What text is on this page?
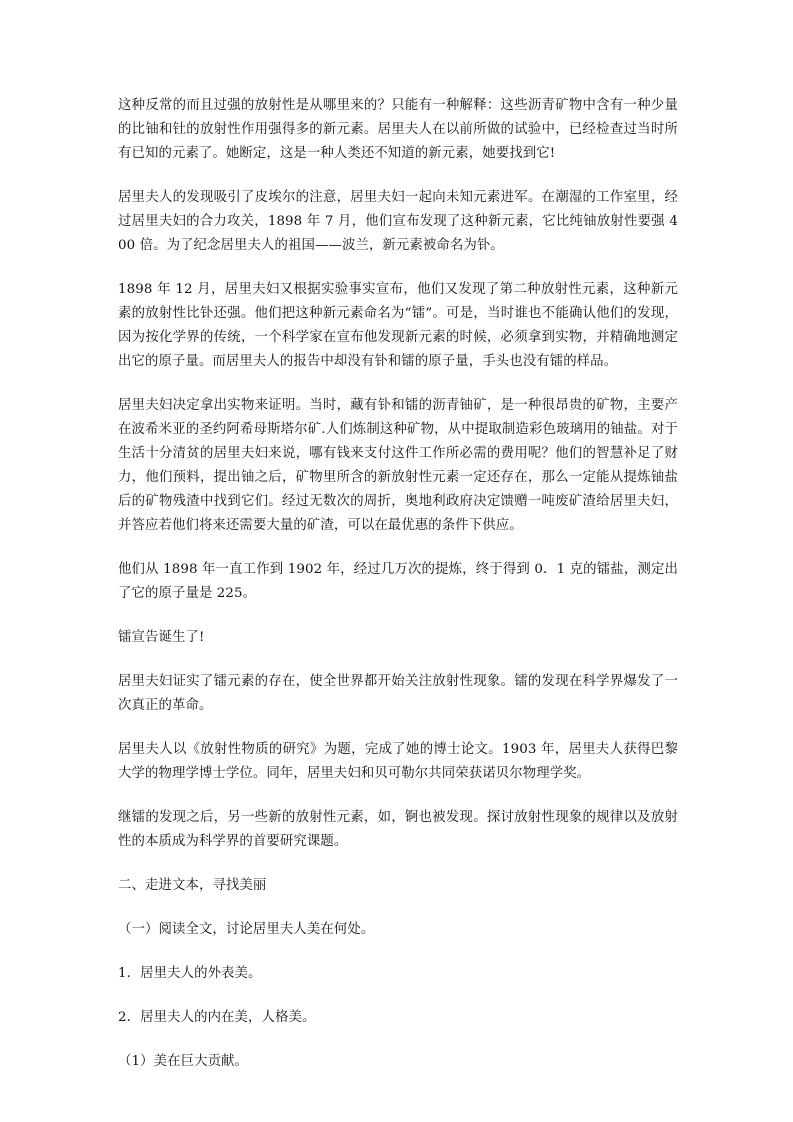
这种反常的而且过强的放射性是从哪里来的？只能有一种解释：这些沥青矿物中含有一种少量的比铀和钍的放射性作用强得多的新元素。居里夫人在以前所做的试验中，已经检查过当时所有已知的元素了。她断定，这是一种人类还不知道的新元素，她要找到它!

居里夫人的发现吸引了皮埃尔的注意，居里夫妇一起向未知元素进军。在潮湿的工作室里，经过居里夫妇的合力攻关，1898 年 7 月，他们宣布发现了这种新元素，它比纯铀放射性要强 400 倍。为了纪念居里夫人的祖国——波兰，新元素被命名为钋。

1898 年 12 月，居里夫妇又根据实验事实宣布，他们又发现了第二种放射性元素，这种新元素的放射性比钋还强。他们把这种新元素命名为“镭”。可是，当时谁也不能确认他们的发现，因为按化学界的传统，一个科学家在宣布他发现新元素的时候，必须拿到实物，并精确地测定出它的原子量。而居里夫人的报告中却没有钋和镭的原子量，手头也没有镭的样品。

居里夫妇决定拿出实物来证明。当时，藏有钋和镭的沥青铀矿，是一种很昂贵的矿物，主要产在波希米亚的圣约阿希母斯塔尔矿.人们炼制这种矿物，从中提取制造彩色玻璃用的铀盐。对于生活十分清贫的居里夫妇来说，哪有钱来支付这件工作所必需的费用呢？他们的智慧补足了财力，他们预料，提出铀之后，矿物里所含的新放射性元素一定还存在，那么一定能从提炼铀盐后的矿物残渣中找到它们。经过无数次的周折，奥地利政府决定馈赠一吨废矿渣给居里夫妇，并答应若他们将来还需要大量的矿渣，可以在最优惠的条件下供应。

他们从 1898 年一直工作到 1902 年，经过几万次的提炼，终于得到 0．1 克的镭盐，测定出了它的原子量是 225。

镭宣告诞生了!

居里夫妇证实了镭元素的存在，使全世界都开始关注放射性现象。镭的发现在科学界爆发了一次真正的革命。

居里夫人以《放射性物质的研究》为题，完成了她的博士论文。1903 年，居里夫人获得巴黎大学的物理学博士学位。同年，居里夫妇和贝可勒尔共同荣获诺贝尔物理学奖。

继镭的发现之后，另一些新的放射性元素，如，锕也被发现。探讨放射性现象的规律以及放射性的本质成为科学界的首要研究课题。

二、走进文本，寻找美丽

（一）阅读全文，讨论居里夫人美在何处。

1．居里夫人的外表美。

2．居里夫人的内在美，人格美。

（1）美在巨大贡献。
